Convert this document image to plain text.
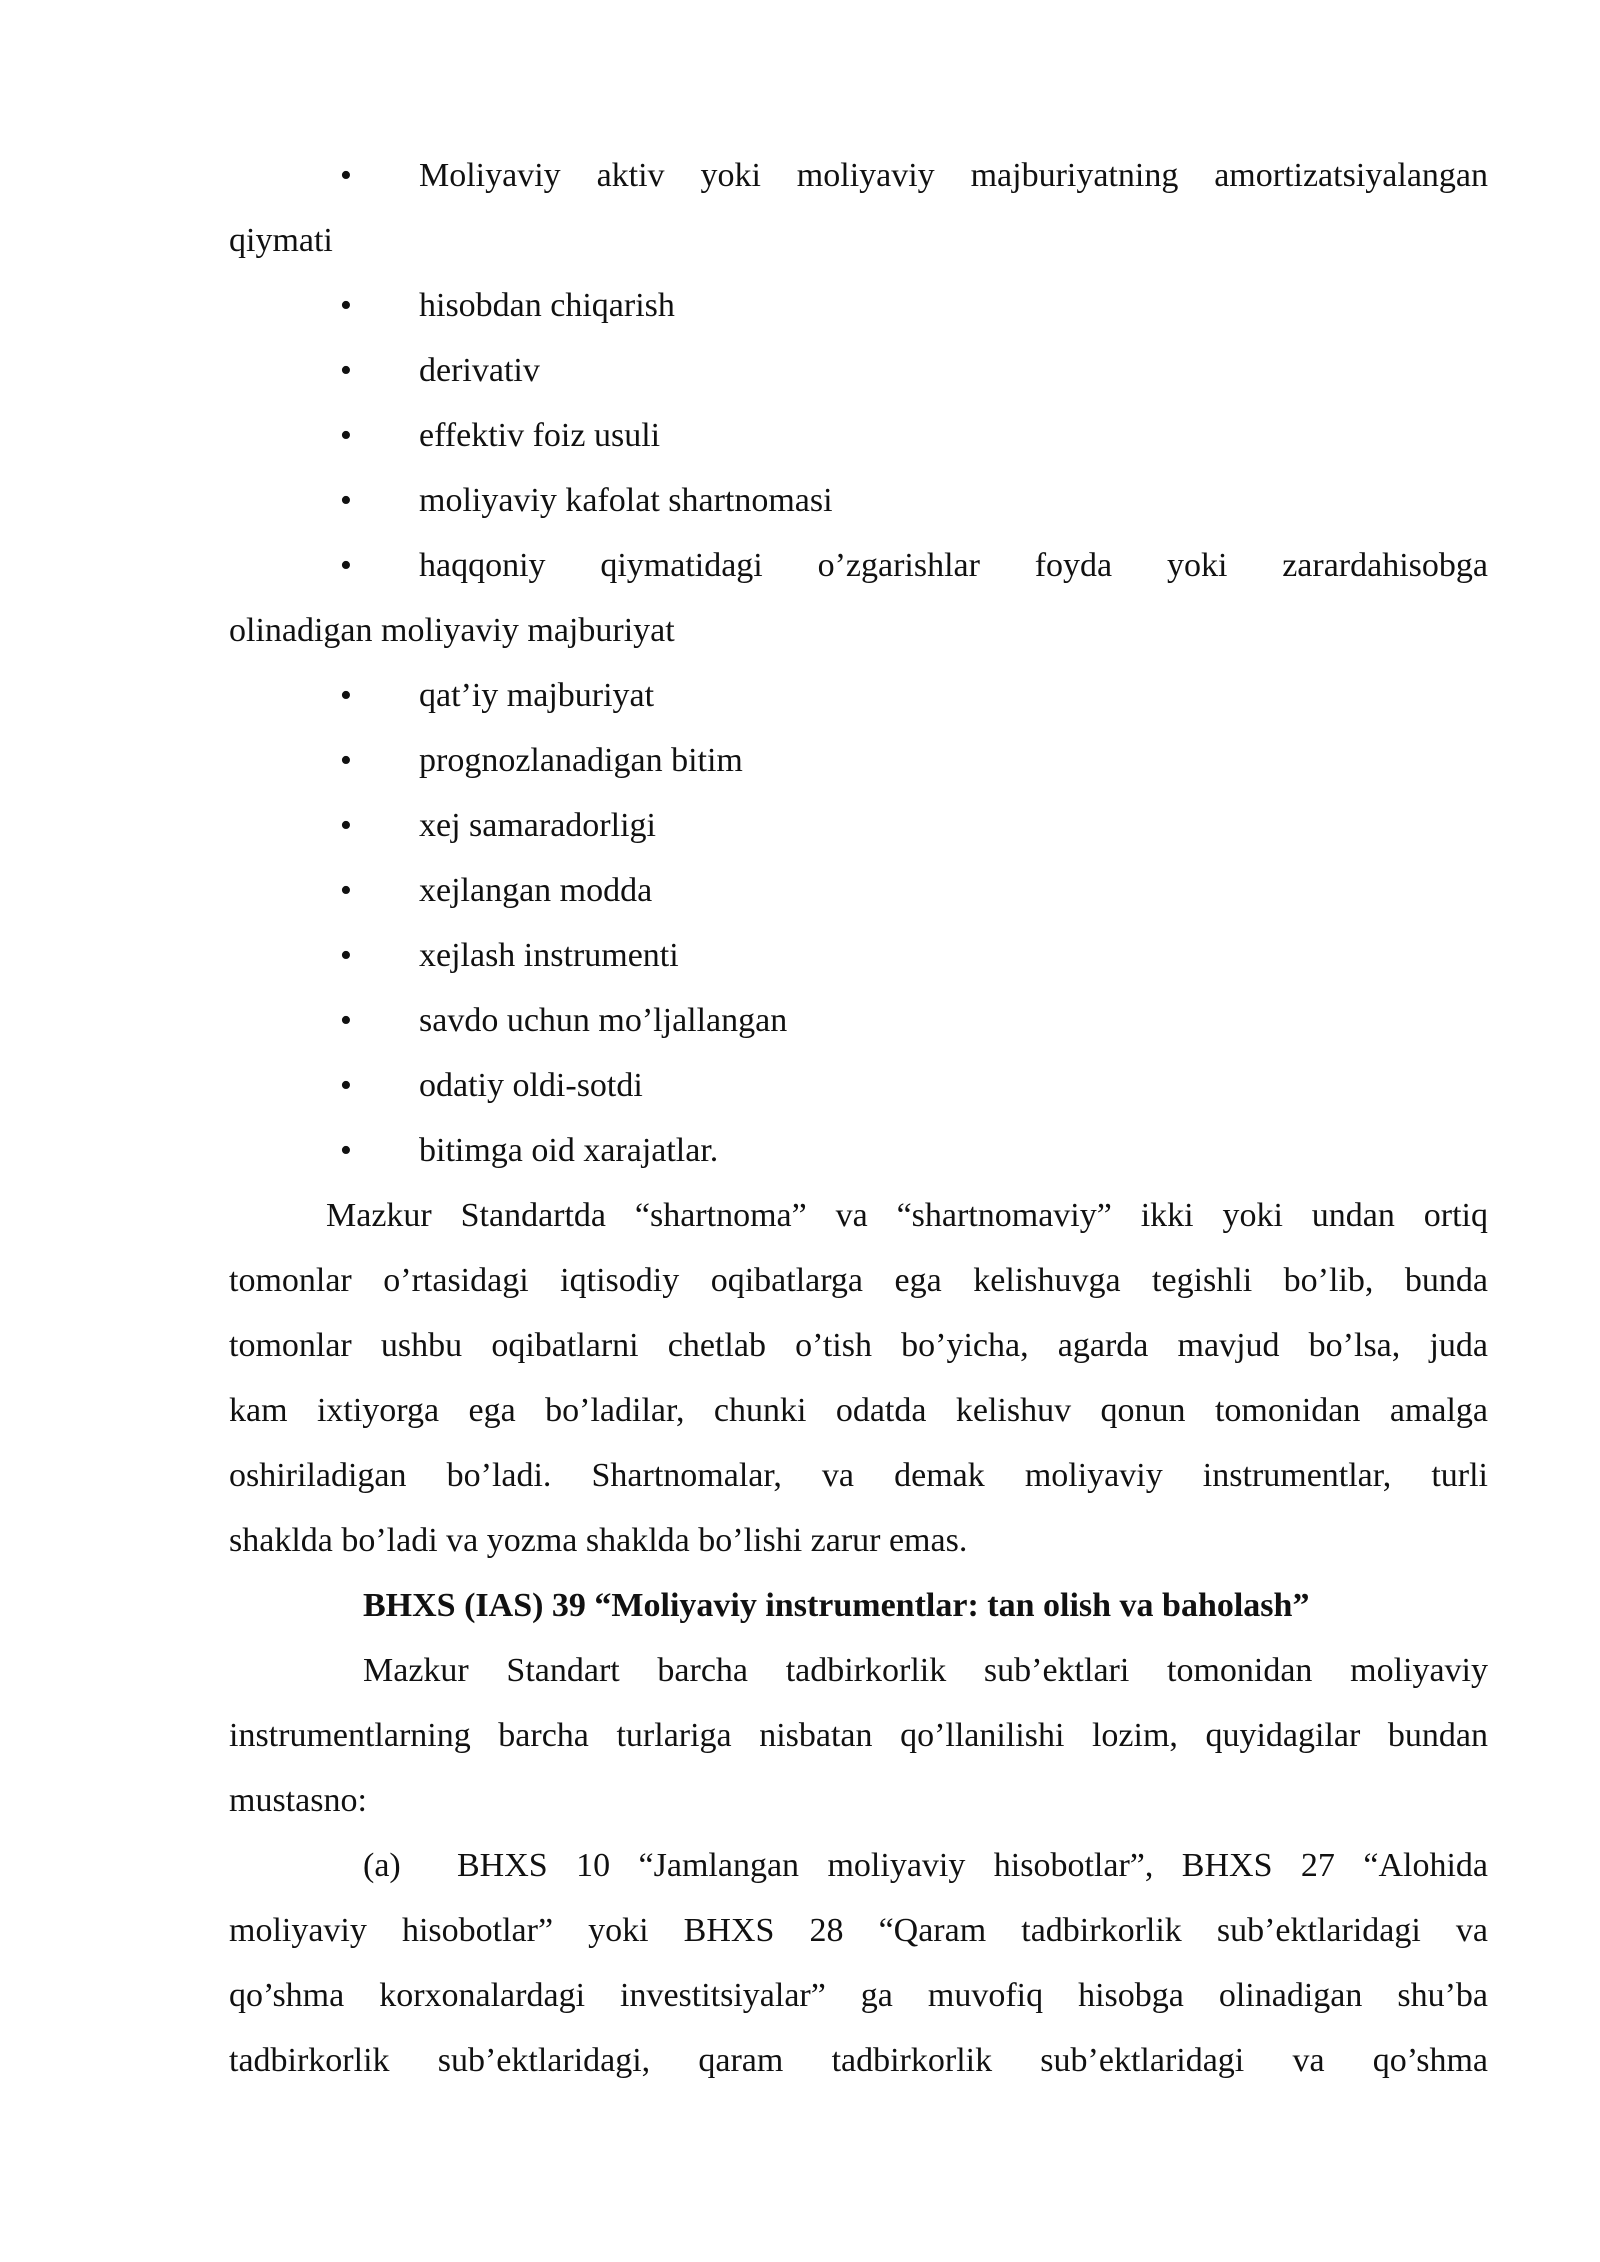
• Moliyaviy aktiv yoki moliyaviy majburiyatning amortizatsiyalangan
qiymati
• hisobdan chiqarish
• derivativ
• effektiv foiz usuli
• moliyaviy kafolat shartnomasi
• haqqoniy qiymatidagi o’zgarishlar foyda yoki zarardahisobga
olinadigan moliyaviy majburiyat
• qat’iy majburiyat
• prognozlanadigan bitim
• xej samaradorligi
• xejlangan modda
• xejlash instrumenti
• savdo uchun mo’ljallangan
• odatiy oldi-sotdi
• bitimga oid xarajatlar.
Mazkur Standartda “shartnoma” va “shartnomaviy” ikki yoki undan ortiq
tomonlar o’rtasidagi iqtisodiy oqibatlarga ega kelishuvga tegishli bo’lib, bunda
tomonlar ushbu oqibatlarni chetlab o’tish bo’yicha, agarda mavjud bo’lsa, juda
kam ixtiyorga ega bo’ladilar, chunki odatda kelishuv qonun tomonidan amalga
oshiriladigan bo’ladi. Shartnomalar, va demak moliyaviy instrumentlar, turli
shaklda bo’ladi va yozma shaklda bo’lishi zarur emas.
BHXS (IAS) 39 “Moliyaviy instrumentlar: tan olish va baholash”
Mazkur Standart barcha tadbirkorlik sub’ektlari tomonidan moliyaviy
instrumentlarning barcha turlariga nisbatan qo’llanilishi lozim, quyidagilar bundan
mustasno:
(a) BHXS 10 “Jamlangan moliyaviy hisobotlar”, BHXS 27 “Alohida
moliyaviy hisobotlar” yoki BHXS 28 “Qaram tadbirkorlik sub’ektlaridagi va
qo’shma korxonalardagi investitsiyalar” ga muvofiq hisobga olinadigan shu’ba
tadbirkorlik sub’ektlaridagi, qaram tadbirkorlik sub’ektlaridagi va qo’shma
